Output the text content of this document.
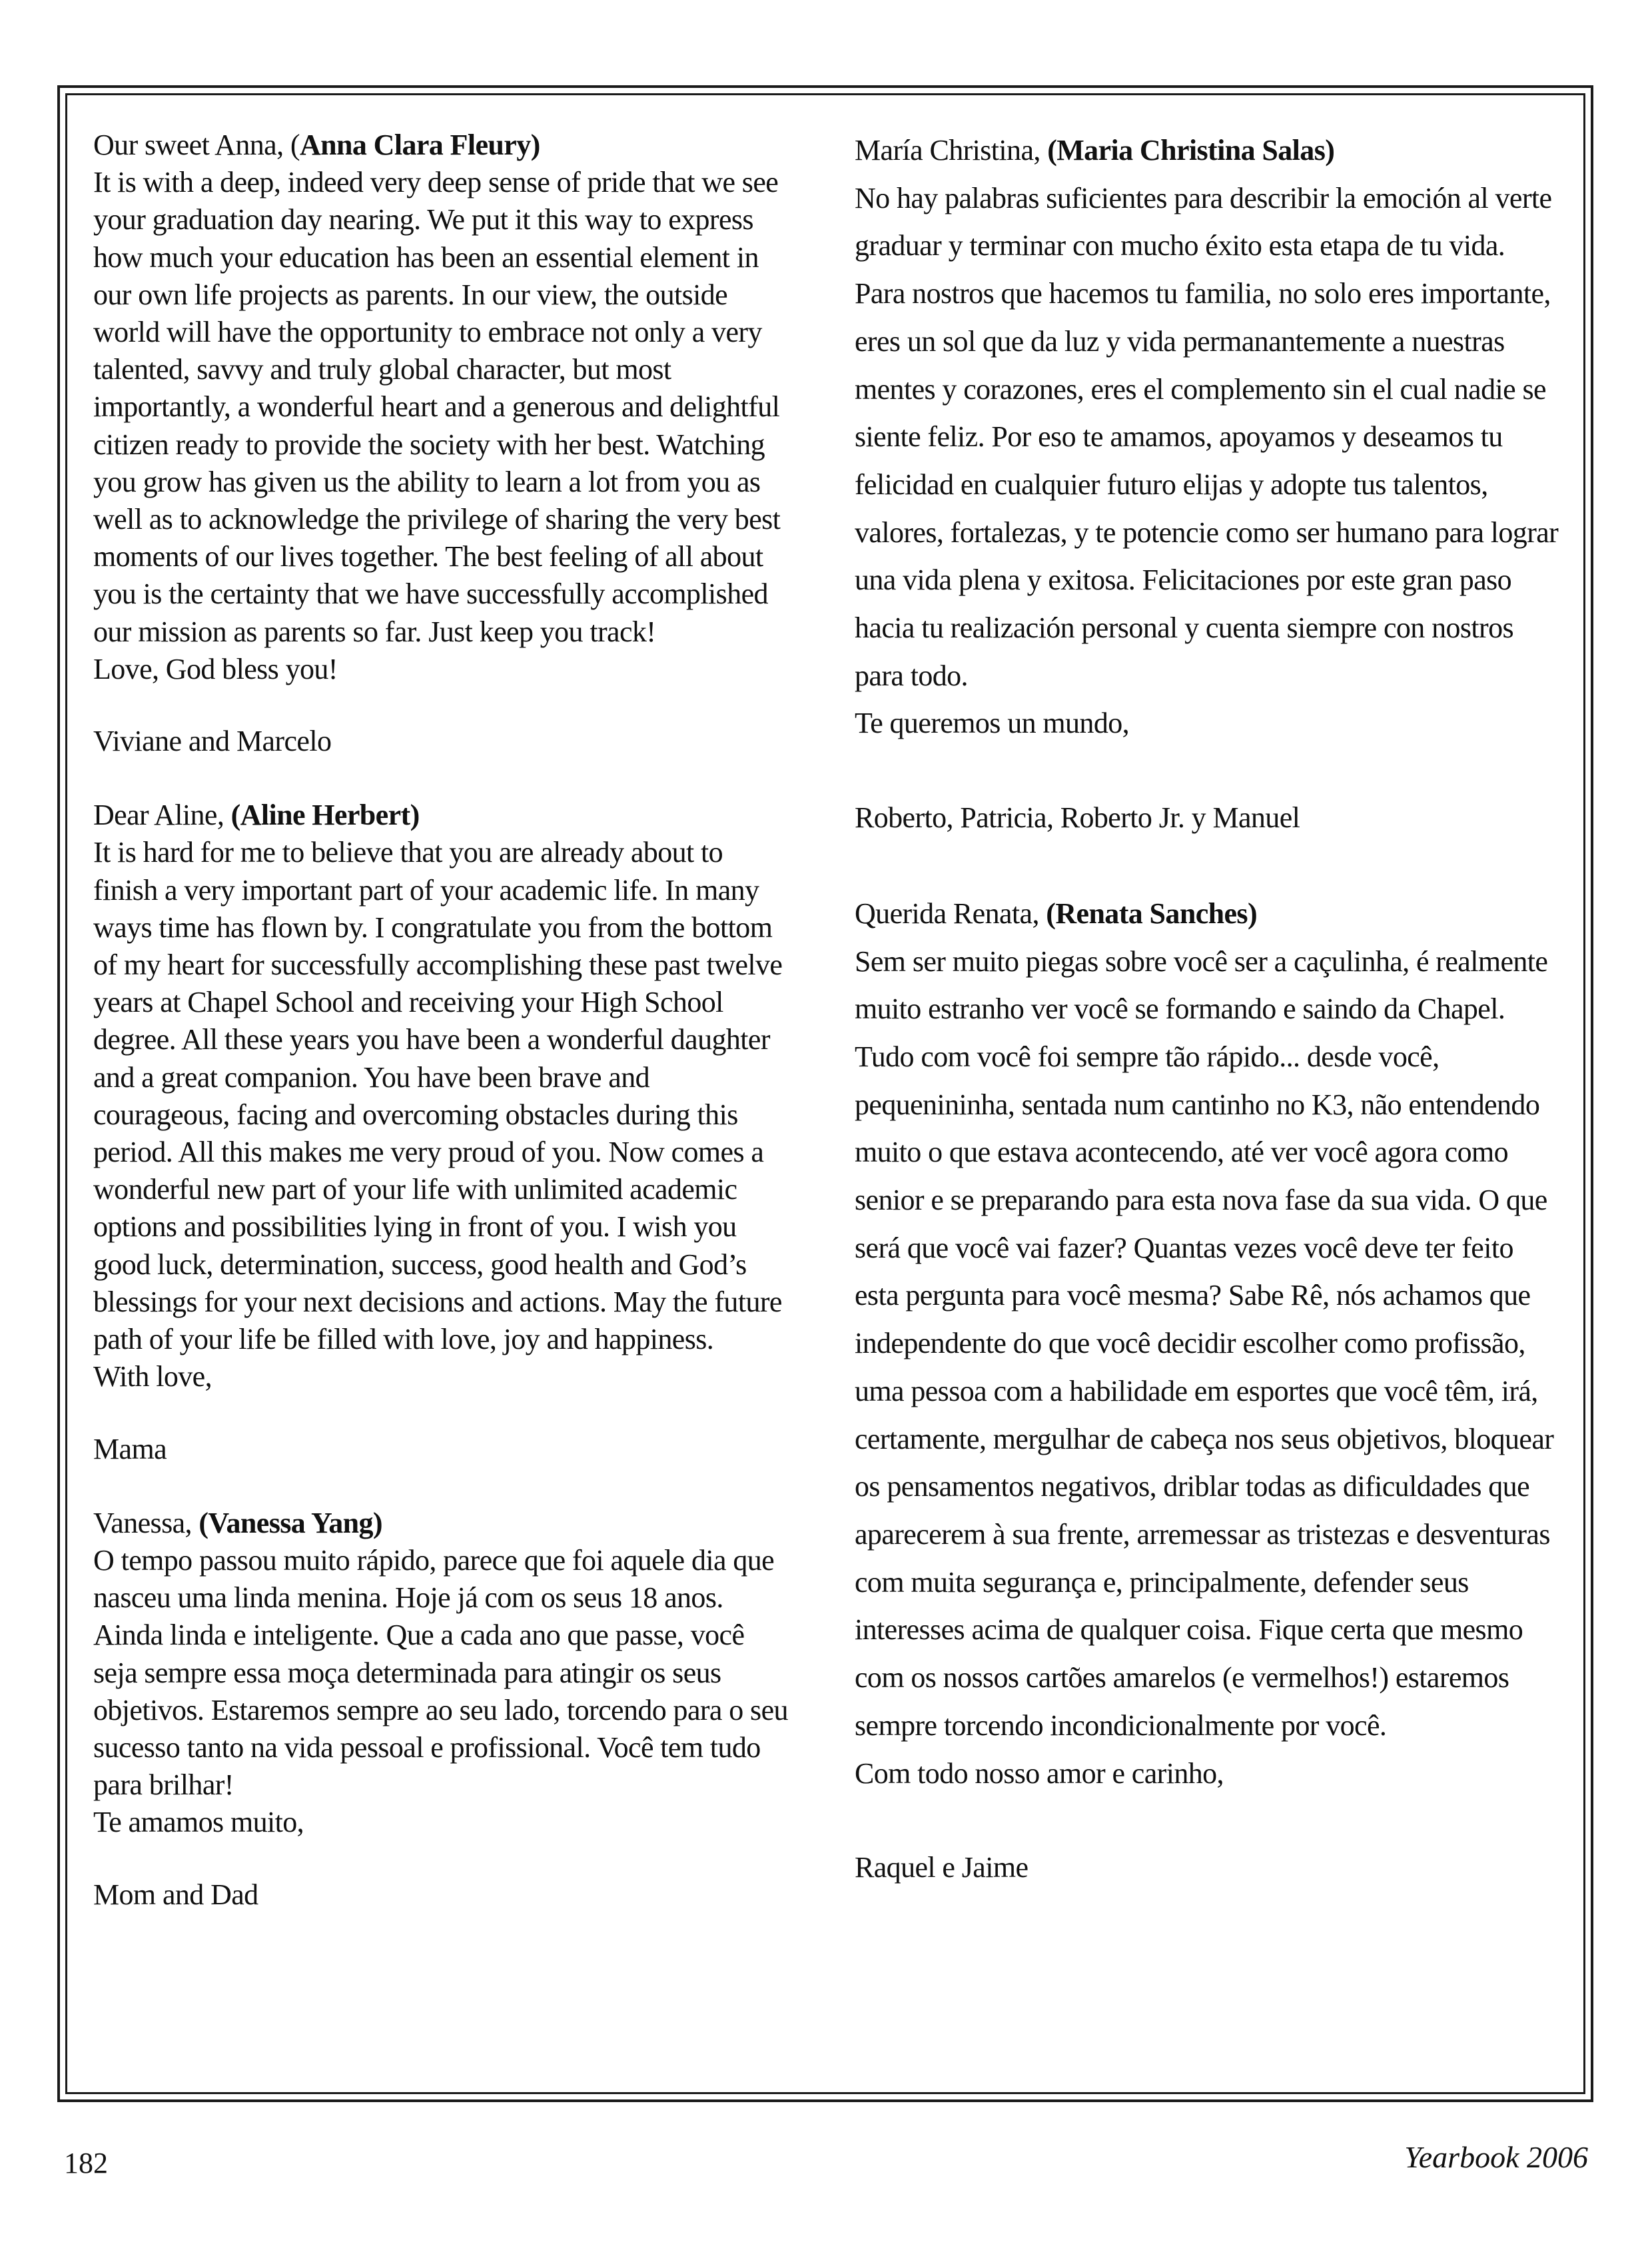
Our sweet Anna, (Anna Clara Fleury)

It is with a deep, indeed very deep sense of pride that we see your graduation day nearing. We put it this way to express how much your education has been an essential element in our own life projects as parents. In our view, the outside world will have the opportunity to embrace not only a very talented, savvy and truly global character, but most importantly, a wonderful heart and a generous and delightful citizen ready to provide the society with her best. Watching you grow has given us the ability to learn a lot from you as well as to acknowledge the privilege of sharing the very best moments of our lives together. The best feeling of all about you is the certainty that we have successfully accomplished our mission as parents so far. Just keep you track!

Love, God bless you!

Viviane and Marcelo

Dear Aline, (Aline Herbert)

It is hard for me to believe that you are already about to finish a very important part of your academic life. In many ways time has flown by. I congratulate you from the bottom of my heart for successfully accomplishing these past twelve years at Chapel School and receiving your High School degree. All these years you have been a wonderful daughter and a great companion. You have been brave and courageous, facing and overcoming obstacles during this period. All this makes me very proud of you. Now comes a wonderful new part of your life with unlimited academic options and possibilities lying in front of you. I wish you good luck, determination, success, good health and God’s blessings for your next decisions and actions. May the future path of your life be filled with love, joy and happiness.

With love,

Mama

Vanessa, (Vanessa Yang)

O tempo passou muito rápido, parece que foi aquele dia que nasceu uma linda menina. Hoje já com os seus 18 anos. Ainda linda e inteligente. Que a cada ano que passe, você seja sempre essa moça determinada para atingir os seus objetivos. Estaremos sempre ao seu lado, torcendo para o seu sucesso tanto na vida pessoal e profissional. Você tem tudo para brilhar!

Te amamos muito,

Mom and Dad

María Christina, (Maria Christina Salas)

No hay palabras suficientes para describir la emoción al verte graduar y terminar con mucho éxito esta etapa de tu vida. Para nostros que hacemos tu familia, no solo eres importante, eres un sol que da luz y vida permanantemente a nuestras mentes y corazones, eres el complemento sin el cual nadie se siente feliz. Por eso te amamos, apoyamos y deseamos tu felicidad en cualquier futuro elijas y adopte tus talentos, valores, fortalezas, y te potencie como ser humano para lograr una vida plena y exitosa. Felicitaciones por este gran paso hacia tu realización personal y cuenta siempre con nostros para todo.

Te queremos un mundo,

Roberto, Patricia, Roberto Jr. y Manuel

Querida Renata, (Renata Sanches)

Sem ser muito piegas sobre você ser a caçulinha, é realmente muito estranho ver você se formando e saindo da Chapel. Tudo com você foi sempre tão rápido... desde você, pequenininha, sentada num cantinho no K3, não entendendo muito o que estava acontecendo, até ver você agora como senior e se preparando para esta nova fase da sua vida. O que será que você vai fazer? Quantas vezes você deve ter feito esta pergunta para você mesma? Sabe Rê, nós achamos que independente do que você decidir escolher como profissão, uma pessoa com a habilidade em esportes que você têm, irá, certamente, mergulhar de cabeça nos seus objetivos, bloquear os pensamentos negativos, driblar todas as dificuldades que aparecerem à sua frente, arremessar as tristezas e desventuras com muita segurança e, principalmente, defender seus interesses acima de qualquer coisa. Fique certa que mesmo com os nossos cartões amarelos (e vermelhos!) estaremos sempre torcendo incondicionalmente por você.

Com todo nosso amor e carinho,

Raquel e Jaime

182	Yearbook 2006
